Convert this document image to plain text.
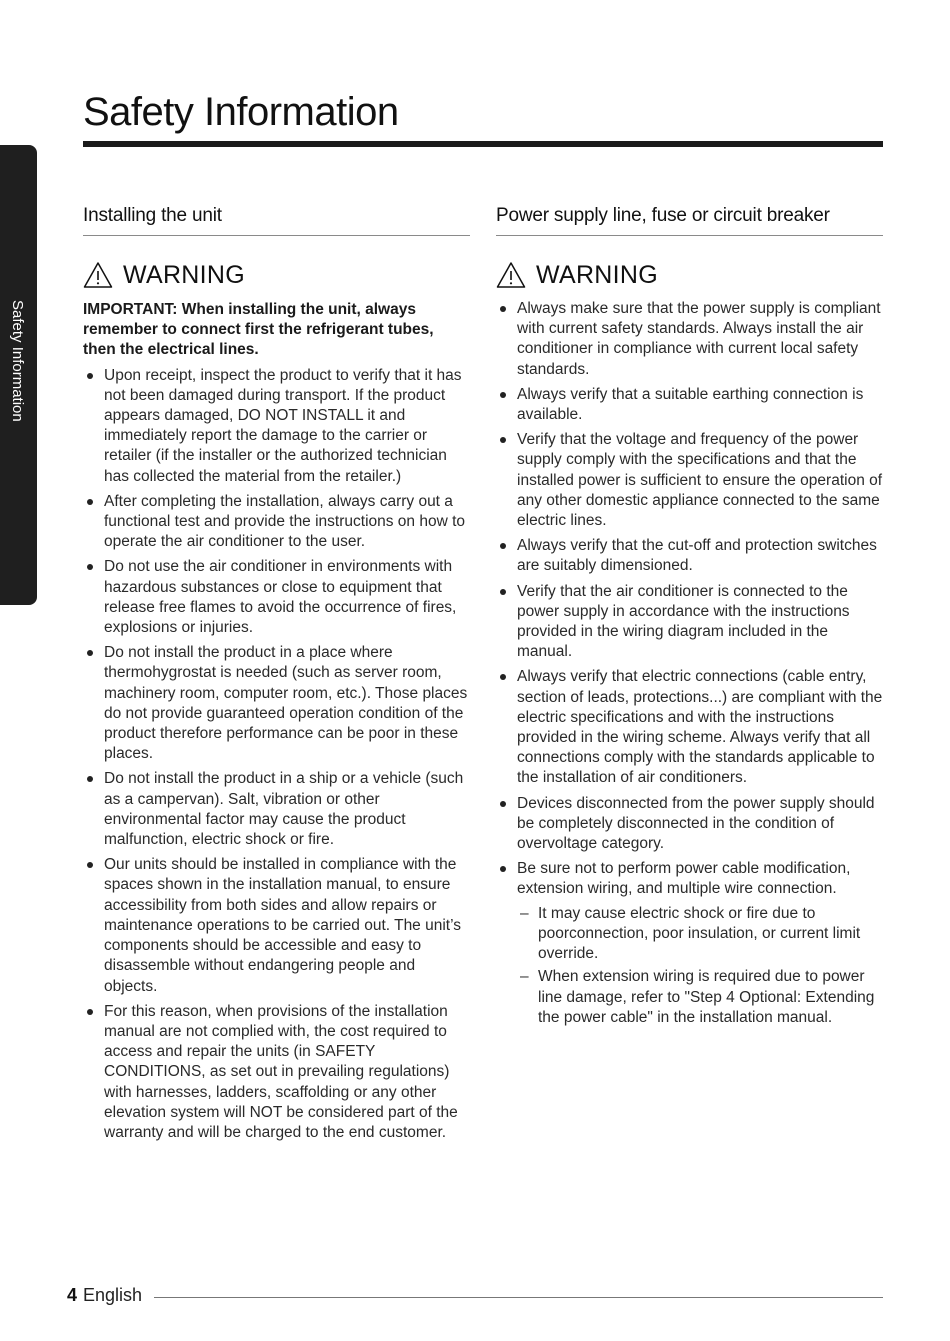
Safety Information
Safety Information
Installing the unit
WARNING

IMPORTANT: When installing the unit, always remember to connect first the refrigerant tubes, then the electrical lines.

Upon receipt, inspect the product to verify that it has not been damaged during transport. If the product appears damaged, DO NOT INSTALL it and immediately report the damage to the carrier or retailer (if the installer or the authorized technician has collected the material from the retailer.)
After completing the installation, always carry out a functional test and provide the instructions on how to operate the air conditioner to the user.
Do not use the air conditioner in environments with hazardous substances or close to equipment that release free flames to avoid the occurrence of fires, explosions or injuries.
Do not install the product in a place where thermohygrostat is needed (such as server room, machinery room, computer room, etc.). Those places do not provide guaranteed operation condition of the product therefore performance can be poor in these places.
Do not install the product in a ship or a vehicle (such as a campervan). Salt, vibration or other environmental factor may cause the product malfunction, electric shock or fire.
Our units should be installed in compliance with the spaces shown in the installation manual, to ensure accessibility from both sides and allow repairs or maintenance operations to be carried out. The unit’s components should be accessible and easy to disassemble without endangering people and objects.
For this reason, when provisions of the installation manual are not complied with, the cost required to access and repair the units (in SAFETY CONDITIONS, as set out in prevailing regulations) with harnesses, ladders, scaffolding or any other elevation system will NOT be considered part of the warranty and will be charged to the end customer.
Power supply line, fuse or circuit breaker
WARNING
Always make sure that the power supply is compliant with current safety standards. Always install the air conditioner in compliance with current local safety standards.
Always verify that a suitable earthing connection is available.
Verify that the voltage and frequency of the power supply comply with the specifications and that the installed power is sufficient to ensure the operation of any other domestic appliance connected to the same electric lines.
Always verify that the cut-off and protection switches are suitably dimensioned.
Verify that the air conditioner is connected to the power supply in accordance with the instructions provided in the wiring diagram included in the manual.
Always verify that electric connections (cable entry, section of leads, protections...) are compliant with the electric specifications and with the instructions provided in the wiring scheme. Always verify that all connections comply with the standards applicable to the installation of air conditioners.
Devices disconnected from the power supply should be completely disconnected in the condition of overvoltage category.
Be sure not to perform power cable modification, extension wiring, and multiple wire connection.
– It may cause electric shock or fire due to poorconnection, poor insulation, or current limit override.
– When extension wiring is required due to power line damage, refer to "Step 4 Optional: Extending the power cable" in the installation manual.
4 English
